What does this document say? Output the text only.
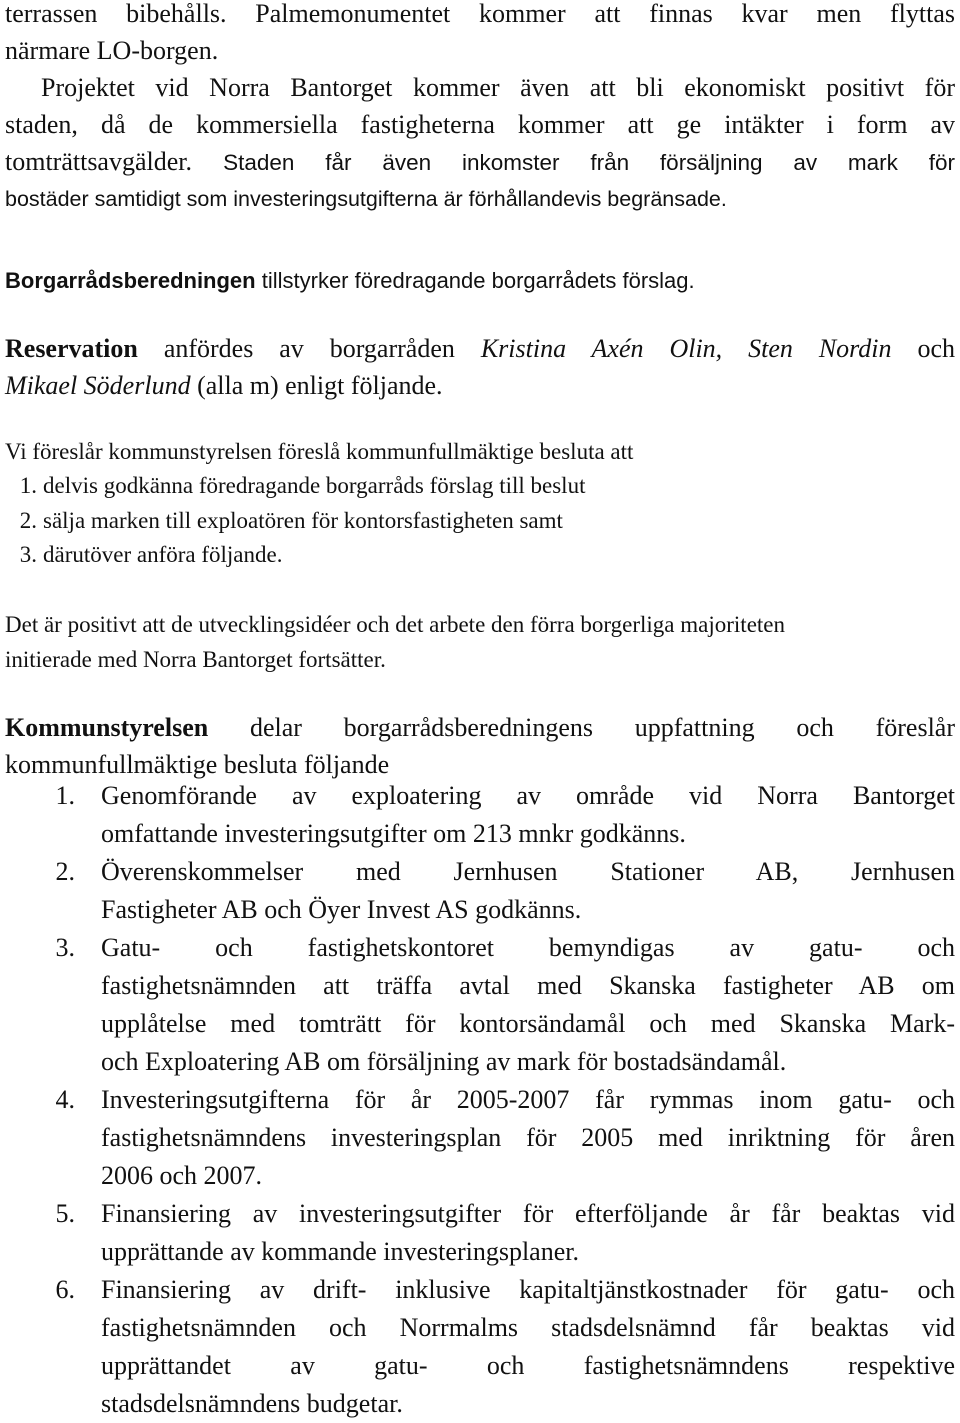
terrassen bibehålls. Palmemonumentet kommer att finnas kvar men flyttas
närmare LO-borgen.
Projektet vid Norra Bantorget kommer även att bli ekonomiskt positivt för
staden, då de kommersiella fastigheterna kommer att ge intäkter i form av
tomträttsavgälder. Staden får även inkomster från försäljning av mark för
bostäder samtidigt som investeringsutgifterna är förhållandevis begränsade.
Borgarrådsberedningen tillstyrker föredragande borgarrådets förslag.
Reservation anfördes av borgarråden Kristina Axén Olin, Sten Nordin och
Mikael Söderlund (alla m) enligt följande.
Vi föreslår kommunstyrelsen föreslå kommunfullmäktige besluta att
1. delvis godkänna föredragande borgarråds förslag till beslut
2. sälja marken till exploatören för kontorsfastigheten samt
3. därutöver anföra följande.
Det är positivt att de utvecklingsidéer och det arbete den förra borgerliga majoriteten
initierade med Norra Bantorget fortsätter.
Kommunstyrelsen delar borgarrådsberedningens uppfattning och föreslår
kommunfullmäktige besluta följande
1. Genomförande av exploatering av område vid Norra Bantorget
omfattande investeringsutgifter om 213 mnkr godkänns.
2. Överenskommelser med Jernhusen Stationer AB, Jernhusen
Fastigheter AB och Öyer Invest AS godkänns.
3. Gatu- och fastighetskontoret bemyndigas av gatu- och
fastighetsnämnden att träffa avtal med Skanska fastigheter AB om
upplåtelse med tomträtt för kontorsändamål och med Skanska Mark-
och Exploatering AB om försäljning av mark för bostadsändamål.
4. Investeringsutgifterna för år 2005-2007 får rymmas inom gatu- och
fastighetsnämndens investeringsplan för 2005 med inriktning för åren
2006 och 2007.
5. Finansiering av investeringsutgifter för efterföljande år får beaktas vid
upprättande av kommande investeringsplaner.
6. Finansiering av drift- inklusive kapitaltjänstkostnader för gatu- och
fastighetsnämnden och Norrmalms stadsdelsnämnd får beaktas vid
upprättandet av gatu- och fastighetsnämndens respektive
stadsdelsnämndens budgetar.
